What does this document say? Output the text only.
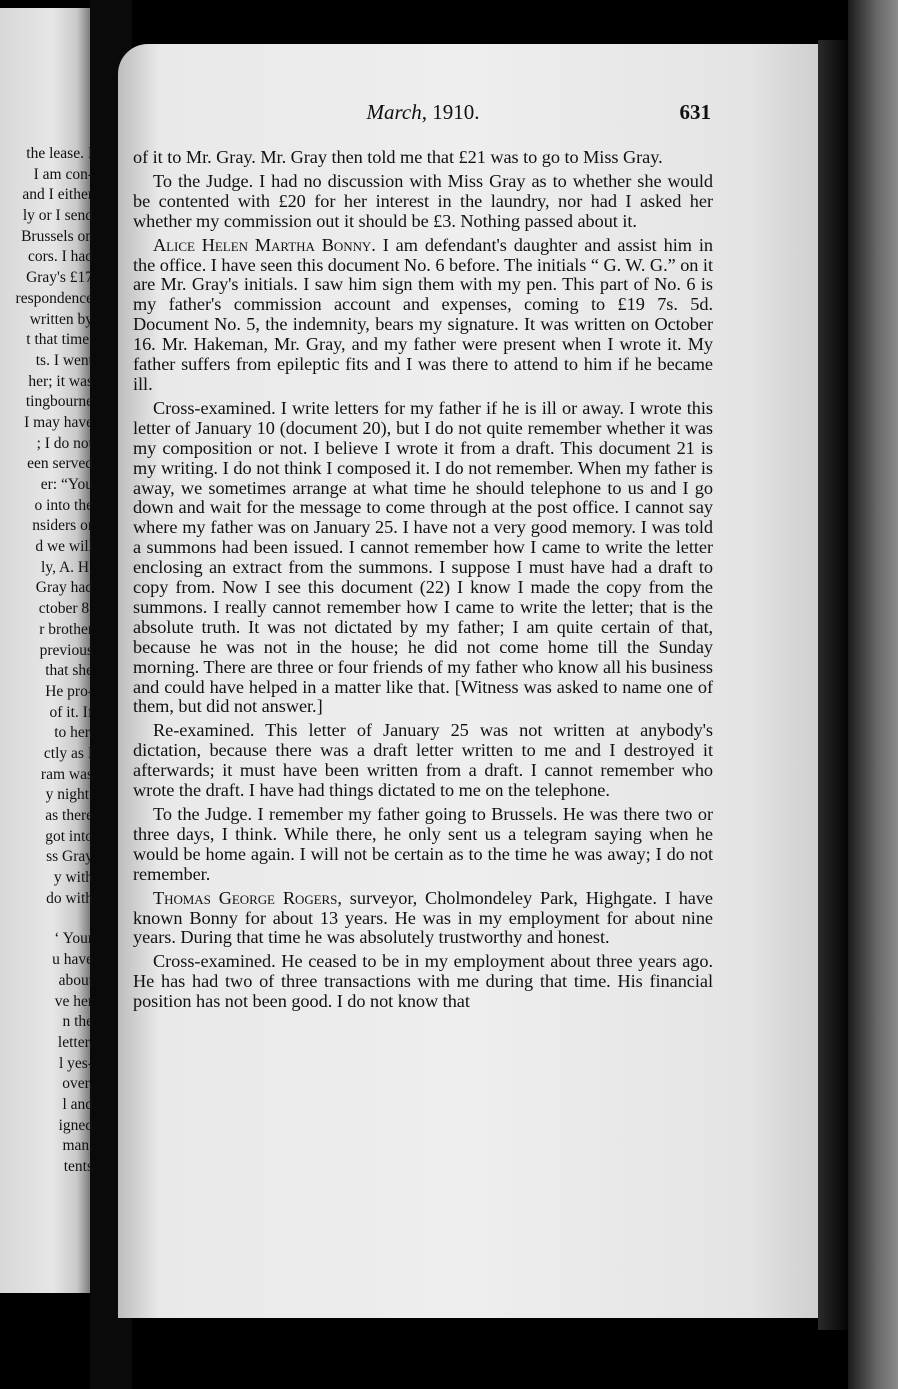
the lease. I
I am con-
and I either
ly or I send
Brussels on
cors. I had
Gray's £17
respondence
written by
t that time.
ts. I went
her; it was
tingbourne
I may have
; I do not
een served
er: “You
o into the
nsiders or
d we will
ly, A. H.
Gray had
ctober 8,
r brother
previous
that she
He pro-
of it. If
to her.
ctly as I
ram was
y night,
as there
got into
ss Gray
y with
do with
‘ Your
u have
about
ve her
n the
letter,
l yes-
over,
l and
igned
man,
tents
March, 1910.	631

of it to Mr. Gray. Mr. Gray then told me that £21 was to go to Miss Gray.

To the Judge. I had no discussion with Miss Gray as to whether she would be contented with £20 for her interest in the laundry, nor had I asked her whether my commission out it should be £3. Nothing passed about it.

Alice Helen Martha Bonny. I am defendant's daughter and assist him in the office. I have seen this document No. 6 before. The initials “ G. W. G.” on it are Mr. Gray's initials. I saw him sign them with my pen. This part of No. 6 is my father's commission account and expenses, coming to £19 7s. 5d. Document No. 5, the indemnity, bears my signature. It was written on October 16. Mr. Hakeman, Mr. Gray, and my father were present when I wrote it. My father suffers from epileptic fits and I was there to attend to him if he became ill.

Cross-examined. I write letters for my father if he is ill or away. I wrote this letter of January 10 (document 20), but I do not quite remember whether it was my composition or not. I believe I wrote it from a draft. This document 21 is my writing. I do not think I composed it. I do not remember. When my father is away, we sometimes arrange at what time he should telephone to us and I go down and wait for the message to come through at the post office. I cannot say where my father was on January 25. I have not a very good memory. I was told a summons had been issued. I cannot remember how I came to write the letter enclosing an extract from the summons. I suppose I must have had a draft to copy from. Now I see this document (22) I know I made the copy from the summons. I really cannot remember how I came to write the letter; that is the absolute truth. It was not dictated by my father; I am quite certain of that, because he was not in the house; he did not come home till the Sunday morning. There are three or four friends of my father who know all his business and could have helped in a matter like that. [Witness was asked to name one of them, but did not answer.]

Re-examined. This letter of January 25 was not written at anybody's dictation, because there was a draft letter written to me and I destroyed it afterwards; it must have been written from a draft. I cannot remember who wrote the draft. I have had things dictated to me on the telephone.

To the Judge. I remember my father going to Brussels. He was there two or three days, I think. While there, he only sent us a telegram saying when he would be home again. I will not be certain as to the time he was away; I do not remember.

Thomas George Rogers, surveyor, Cholmondeley Park, Highgate. I have known Bonny for about 13 years. He was in my employment for about nine years. During that time he was absolutely trustworthy and honest.

Cross-examined. He ceased to be in my employment about three years ago. He has had two of three transactions with me during that time. His financial position has not been good. I do not know that
